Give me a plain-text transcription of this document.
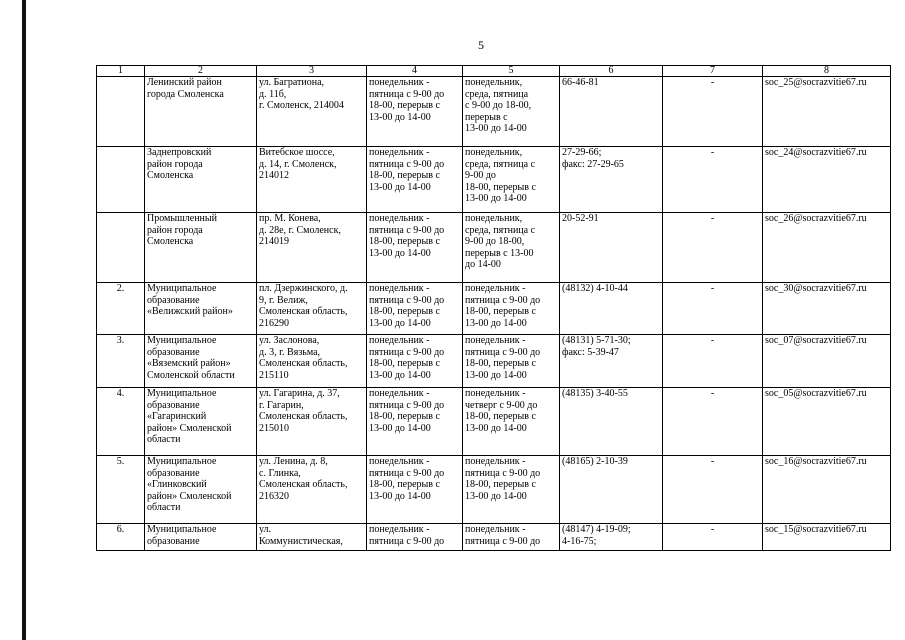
5
1	2	3	4	5	6	7	8

	Ленинский район
города Смоленска	ул. Багратиона,
д. 11б,
г. Смоленск, 214004	понедельник -
пятница с 9-00 до
18-00, перерыв с
13-00 до 14-00	понедельник,
среда, пятница
с 9-00 до 18-00,
перерыв с
13-00 до 14-00	66-46-81	-	soc_25@socrazvitie67.ru

	Заднепровский
район города
Смоленска	Витебское шоссе,
д. 14, г. Смоленск,
214012	понедельник -
пятница с 9-00 до
18-00, перерыв с
13-00 до 14-00	понедельник,
среда, пятница с
9-00 до
18-00, перерыв с
13-00 до 14-00	27-29-66;
факс: 27-29-65	-	soc_24@socrazvitie67.ru

	Промышленный
район города
Смоленска	пр. М. Конева,
д. 28е, г. Смоленск,
214019	понедельник -
пятница с 9-00 до
18-00, перерыв с
13-00 до 14-00	понедельник,
среда, пятница с
9-00 до 18-00,
перерыв с 13-00
до 14-00	20-52-91	-	soc_26@socrazvitie67.ru

2.	Муниципальное
образование
«Велижский район»	пл. Дзержинского, д.
9, г. Велиж,
Смоленская область,
216290	понедельник -
пятница с 9-00 до
18-00, перерыв с
13-00 до 14-00	понедельник -
пятница с 9-00 до
18-00, перерыв с
13-00 до 14-00	(48132) 4-10-44	-	soc_30@socrazvitie67.ru

3.	Муниципальное
образование
«Вяземский район»
Смоленской области	ул. Заслонова,
д. 3, г. Вязьма,
Смоленская область,
215110	понедельник -
пятница с 9-00 до
18-00, перерыв с
13-00 до 14-00	понедельник -
пятница с 9-00 до
18-00, перерыв с
13-00 до 14-00	(48131) 5-71-30;
факс: 5-39-47	-	soc_07@socrazvitie67.ru

4.	Муниципальное
образование
«Гагаринский
район» Смоленской
области	ул. Гагарина, д. 37,
г. Гагарин,
Смоленская область,
215010	понедельник -
пятница с 9-00 до
18-00, перерыв с
13-00 до 14-00	понедельник -
четверг с 9-00 до
18-00, перерыв с
13-00 до 14-00	(48135) 3-40-55	-	soc_05@socrazvitie67.ru

5.	Муниципальное
образование
«Глинковский
район» Смоленской
области	ул. Ленина, д. 8,
с. Глинка,
Смоленская область,
216320	понедельник -
пятница с 9-00 до
18-00, перерыв с
13-00 до 14-00	понедельник -
пятница с 9-00 до
18-00, перерыв с
13-00 до 14-00	(48165) 2-10-39	-	soc_16@socrazvitie67.ru

6.	Муниципальное
образование	ул.
Коммунистическая,	понедельник -
пятница с 9-00 до	понедельник -
пятница с 9-00 до	(48147) 4-19-09;
4-16-75;	-	soc_15@socrazvitie67.ru
